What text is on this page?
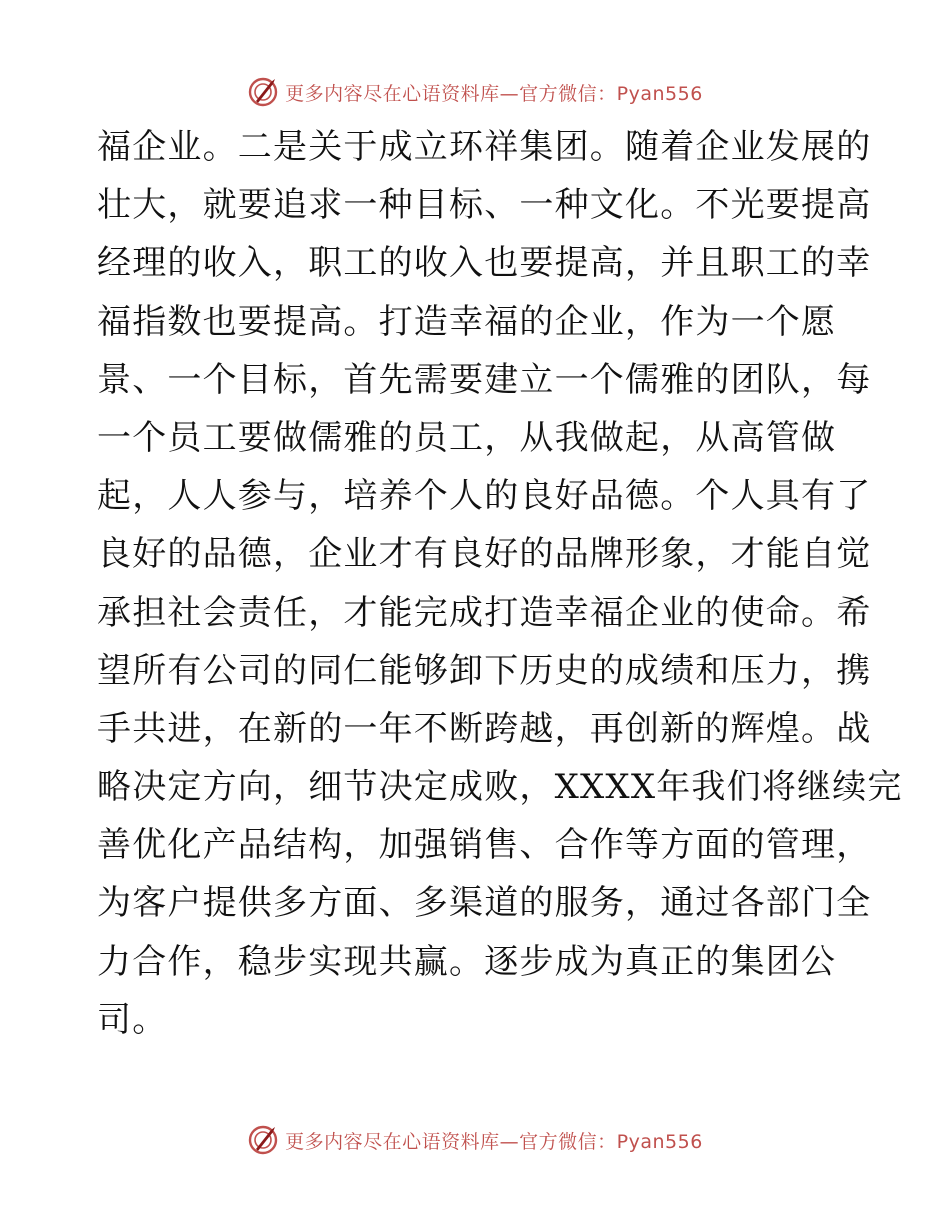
更多内容尽在心语资料库—官方微信：Pyan556
福企业。二是关于成立环祥集团。随着企业发展的
壮大，就要追求一种目标、一种文化。不光要提高
经理的收入，职工的收入也要提高，并且职工的幸
福指数也要提高。打造幸福的企业，作为一个愿
景、一个目标，首先需要建立一个儒雅的团队，每
一个员工要做儒雅的员工，从我做起，从高管做
起，人人参与，培养个人的良好品德。个人具有了
良好的品德，企业才有良好的品牌形象，才能自觉
承担社会责任，才能完成打造幸福企业的使命。希
望所有公司的同仁能够卸下历史的成绩和压力，携
手共进，在新的一年不断跨越，再创新的辉煌。战
略决定方向，细节决定成败，XXXX年我们将继续完
善优化产品结构，加强销售、合作等方面的管理，
为客户提供多方面、多渠道的服务，通过各部门全
力合作，稳步实现共赢。逐步成为真正的集团公
司。
更多内容尽在心语资料库—官方微信：Pyan556
